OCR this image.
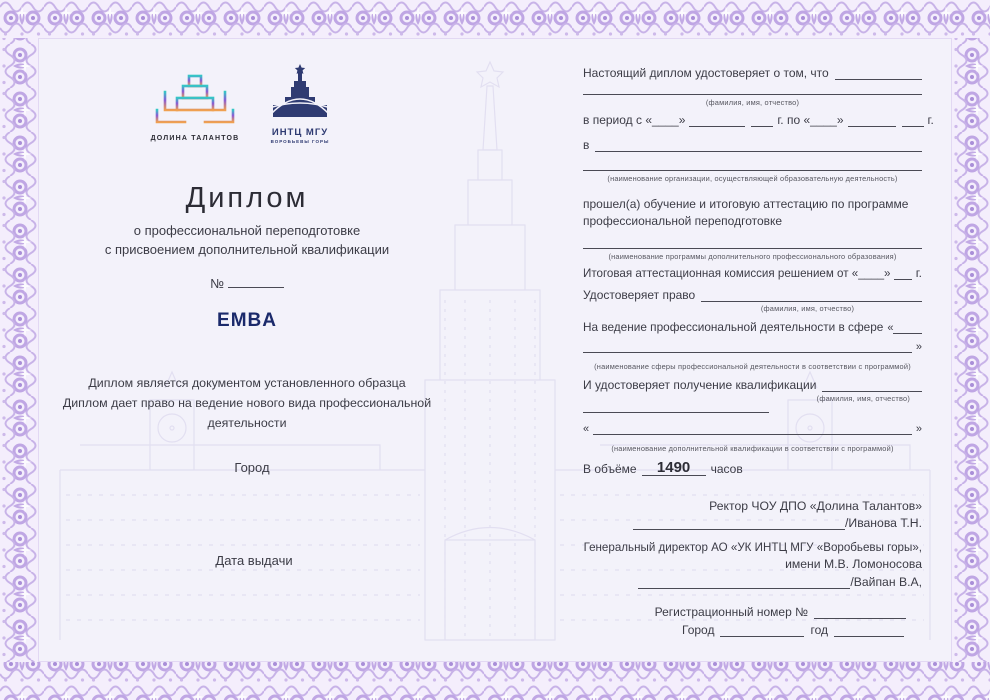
ДОЛИНА ТАЛАНТОВ
ИНТЦ МГУ
ВОРОБЬЕВЫ ГОРЫ
Диплом
о профессиональной переподготовке
с присвоением дополнительной квалификации
№
EMBA
Диплом является документом установленного образца
Диплом дает право на ведение нового вида профессиональной деятельности
Город
Дата выдачи
Настоящий диплом удостоверяет о том, что
(фамилия, имя, отчество)
в период с «____»	г. по «____»	г.
в
(наименование организации, осуществляющей образовательную деятельность)
прошел(а) обучение и итоговую аттестацию по программе профессиональной переподготовке
(наименование программы дополнительного профессионального образования)
Итоговая аттестационная комиссия решением от «____» г.
Удостоверяет право
(фамилия, имя, отчество)
На ведение профессиональной деятельности в сфере «
»
(наименование сферы профессиональной деятельности в соответствии с программой)
И удостоверяет получение квалификации
(фамилия, имя, отчество)
«	»
(наименование дополнительной квалификации в соответствии с программой)
В объёме	1490	часов
Ректор ЧОУ ДПО «Долина Талантов»
/Иванова Т.Н.
Генеральный директор АО «УК ИНТЦ МГУ «Воробьевы горы»,
имени М.В. Ломоносова
/Вайпан В.А,
Регистрационный номер №
Город	год
